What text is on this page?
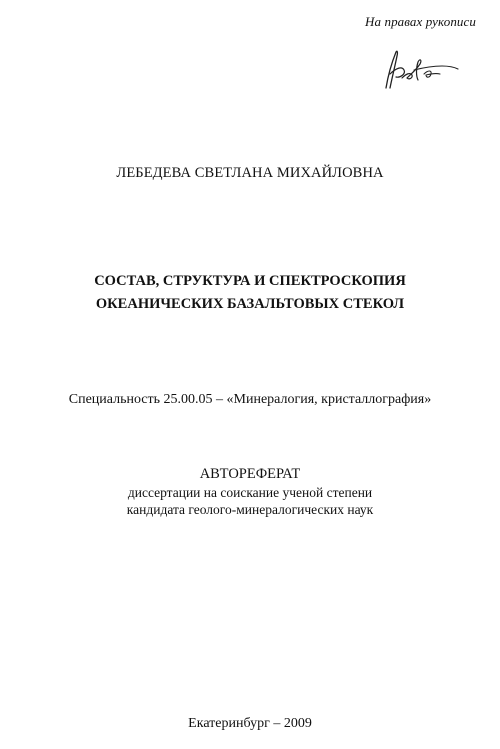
На правах рукописи
ЛЕБЕДЕВА СВЕТЛАНА МИХАЙЛОВНА
СОСТАВ, СТРУКТУРА И СПЕКТРОСКОПИЯ
ОКЕАНИЧЕСКИХ БАЗАЛЬТОВЫХ СТЕКОЛ
Специальность 25.00.05 – «Минералогия, кристаллография»
АВТОРЕФЕРАТ
диссертации на соискание ученой степени
кандидата геолого-минералогических наук
Екатеринбург – 2009
